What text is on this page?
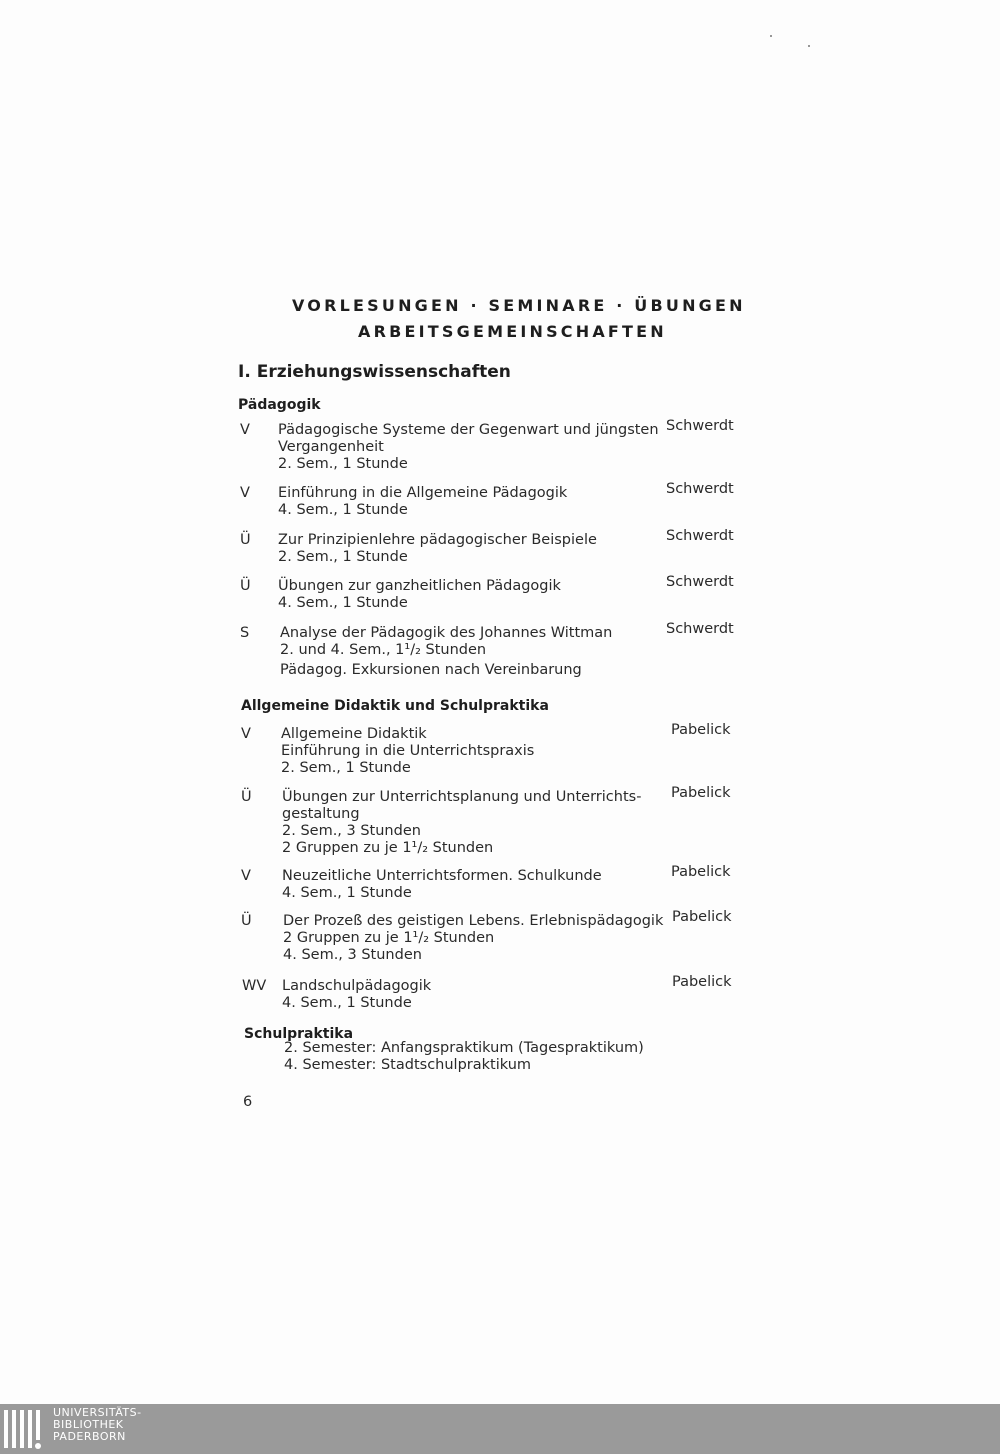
VORLESUNGEN · SEMINARE · ÜBUNGEN
ARBEITSGEMEINSCHAFTEN
I. Erziehungswissenschaften
Pädagogik
V Pädagogische Systeme der Gegenwart und jüngsten
Vergangenheit
2. Sem., 1 Stunde
Schwerdt
V Einführung in die Allgemeine Pädagogik
4. Sem., 1 Stunde
Schwerdt
Ü Zur Prinzipienlehre pädagogischer Beispiele
2. Sem., 1 Stunde
Schwerdt
Ü Übungen zur ganzheitlichen Pädagogik
4. Sem., 1 Stunde
Schwerdt
S Analyse der Pädagogik des Johannes Wittman
2. und 4. Sem., 1¹/₂ Stunden
Pädagog. Exkursionen nach Vereinbarung
Schwerdt
Allgemeine Didaktik und Schulpraktika
V Allgemeine Didaktik
Einführung in die Unterrichtspraxis
2. Sem., 1 Stunde
Pabelick
Ü Übungen zur Unterrichtsplanung und Unterrichts-
gestaltung
2. Sem., 3 Stunden
2 Gruppen zu je 1¹/₂ Stunden
Pabelick
V Neuzeitliche Unterrichtsformen. Schulkunde
4. Sem., 1 Stunde
Pabelick
Ü Der Prozeß des geistigen Lebens. Erlebnispädagogik
2 Gruppen zu je 1¹/₂ Stunden
4. Sem., 3 Stunden
Pabelick
WV Landschulpädagogik
4. Sem., 1 Stunde
Pabelick
Schulpraktika
2. Semester: Anfangspraktikum (Tagespraktikum)
4. Semester: Stadtschulpraktikum
6
UNIVERSITÄTS-
BIBLIOTHEK
PADERBORN
